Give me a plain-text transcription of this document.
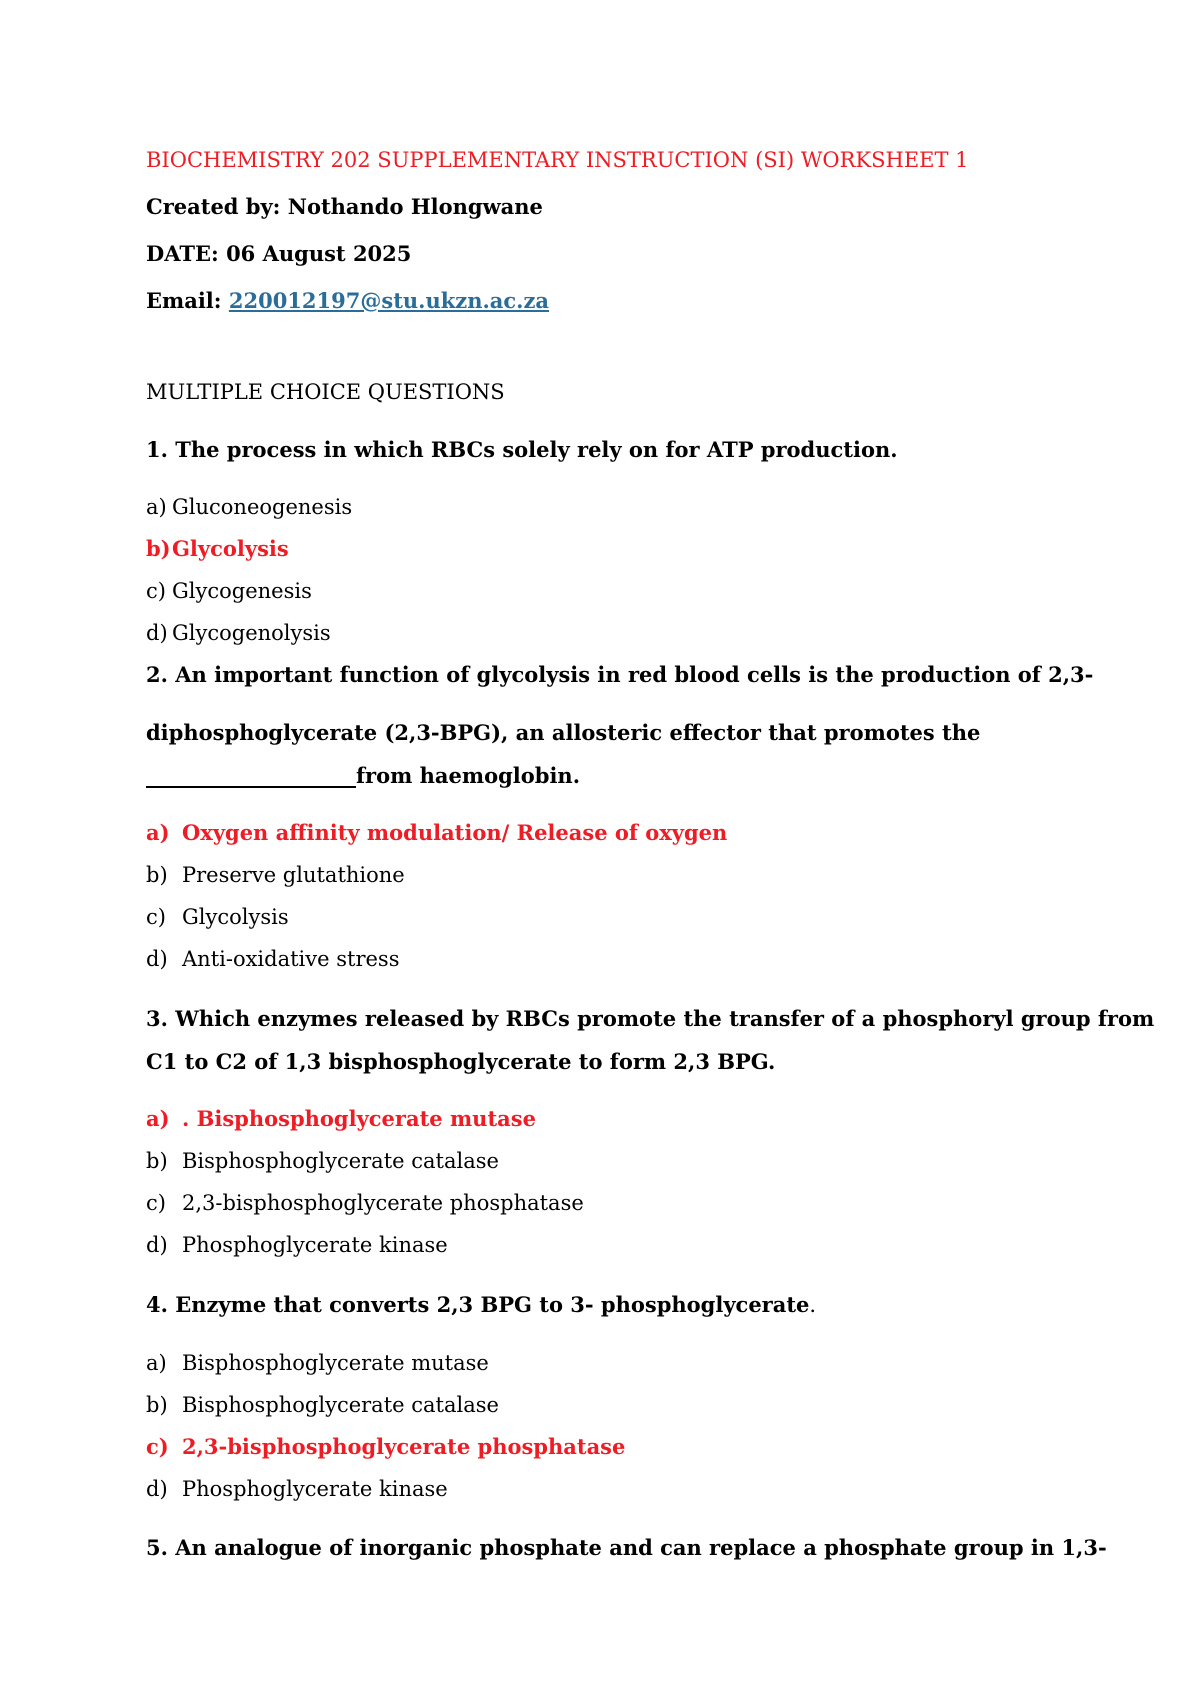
BIOCHEMISTRY 202 SUPPLEMENTARY INSTRUCTION (SI) WORKSHEET 1
Created by: Nothando Hlongwane
DATE: 06 August 2025
Email: 220012197@stu.ukzn.ac.za
MULTIPLE CHOICE QUESTIONS
1. The process in which RBCs solely rely on for ATP production.
a) Gluconeogenesis
b)Glycolysis
c) Glycogenesis
d) Glycogenolysis
2. An important function of glycolysis in red blood cells is the production of 2,3-
diphosphoglycerate (2,3-BPG), an allosteric effector that promotes the
____________________from haemoglobin.
a) Oxygen affinity modulation/ Release of oxygen
b) Preserve glutathione
c) Glycolysis
d) Anti-oxidative stress
3. Which enzymes released by RBCs promote the transfer of a phosphoryl group from
C1 to C2 of 1,3 bisphosphoglycerate to form 2,3 BPG.
a) . Bisphosphoglycerate mutase
b) Bisphosphoglycerate catalase
c) 2,3-bisphosphoglycerate phosphatase
d) Phosphoglycerate kinase
4. Enzyme that converts 2,3 BPG to 3- phosphoglycerate.
a) Bisphosphoglycerate mutase
b) Bisphosphoglycerate catalase
c) 2,3-bisphosphoglycerate phosphatase
d) Phosphoglycerate kinase
5. An analogue of inorganic phosphate and can replace a phosphate group in 1,3-
